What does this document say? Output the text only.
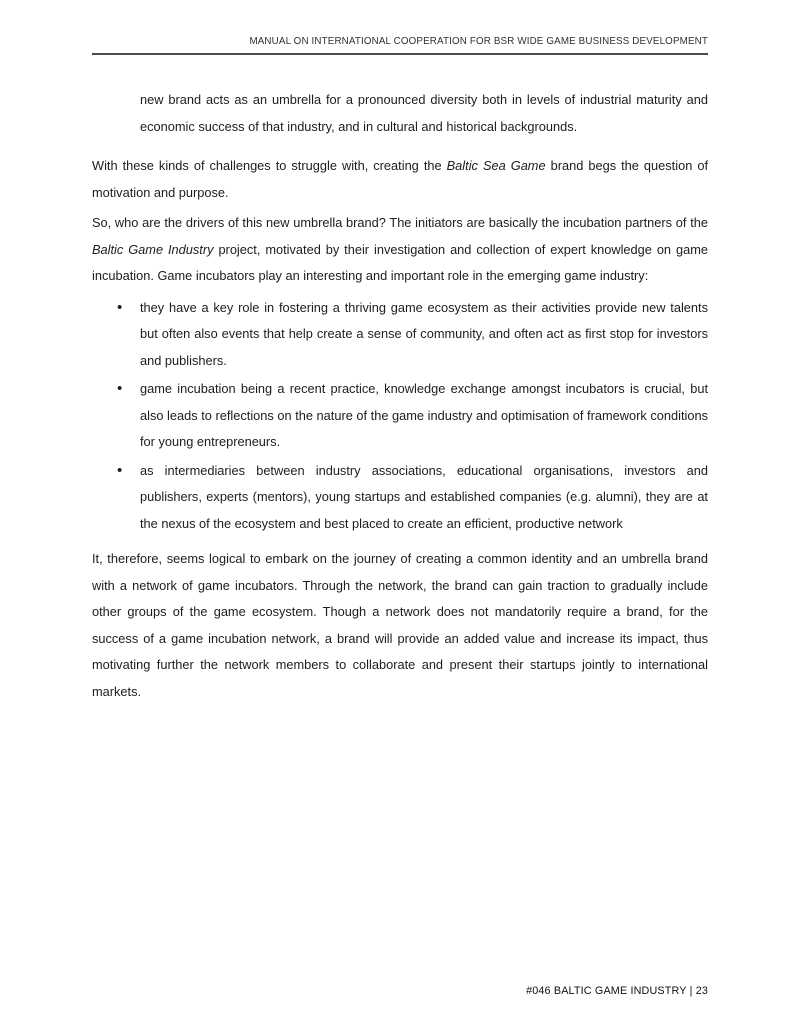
MANUAL ON INTERNATIONAL COOPERATION FOR BSR WIDE GAME BUSINESS DEVELOPMENT

new brand acts as an umbrella for a pronounced diversity both in levels of industrial maturity and economic success of that industry, and in cultural and historical backgrounds.

With these kinds of challenges to struggle with, creating the Baltic Sea Game brand begs the question of motivation and purpose.

So, who are the drivers of this new umbrella brand? The initiators are basically the incubation partners of the Baltic Game Industry project, motivated by their investigation and collection of expert knowledge on game incubation. Game incubators play an interesting and important role in the emerging game industry:

• they have a key role in fostering a thriving game ecosystem as their activities provide new talents but often also events that help create a sense of community, and often act as first stop for investors and publishers.
• game incubation being a recent practice, knowledge exchange amongst incubators is crucial, but also leads to reflections on the nature of the game industry and optimisation of framework conditions for young entrepreneurs.
• as intermediaries between industry associations, educational organisations, investors and publishers, experts (mentors), young startups and established companies (e.g. alumni), they are at the nexus of the ecosystem and best placed to create an efficient, productive network

It, therefore, seems logical to embark on the journey of creating a common identity and an umbrella brand with a network of game incubators. Through the network, the brand can gain traction to gradually include other groups of the game ecosystem. Though a network does not mandatorily require a brand, for the success of a game incubation network, a brand will provide an added value and increase its impact, thus motivating further the network members to collaborate and present their startups jointly to international markets.

#046 BALTIC GAME INDUSTRY | 23
